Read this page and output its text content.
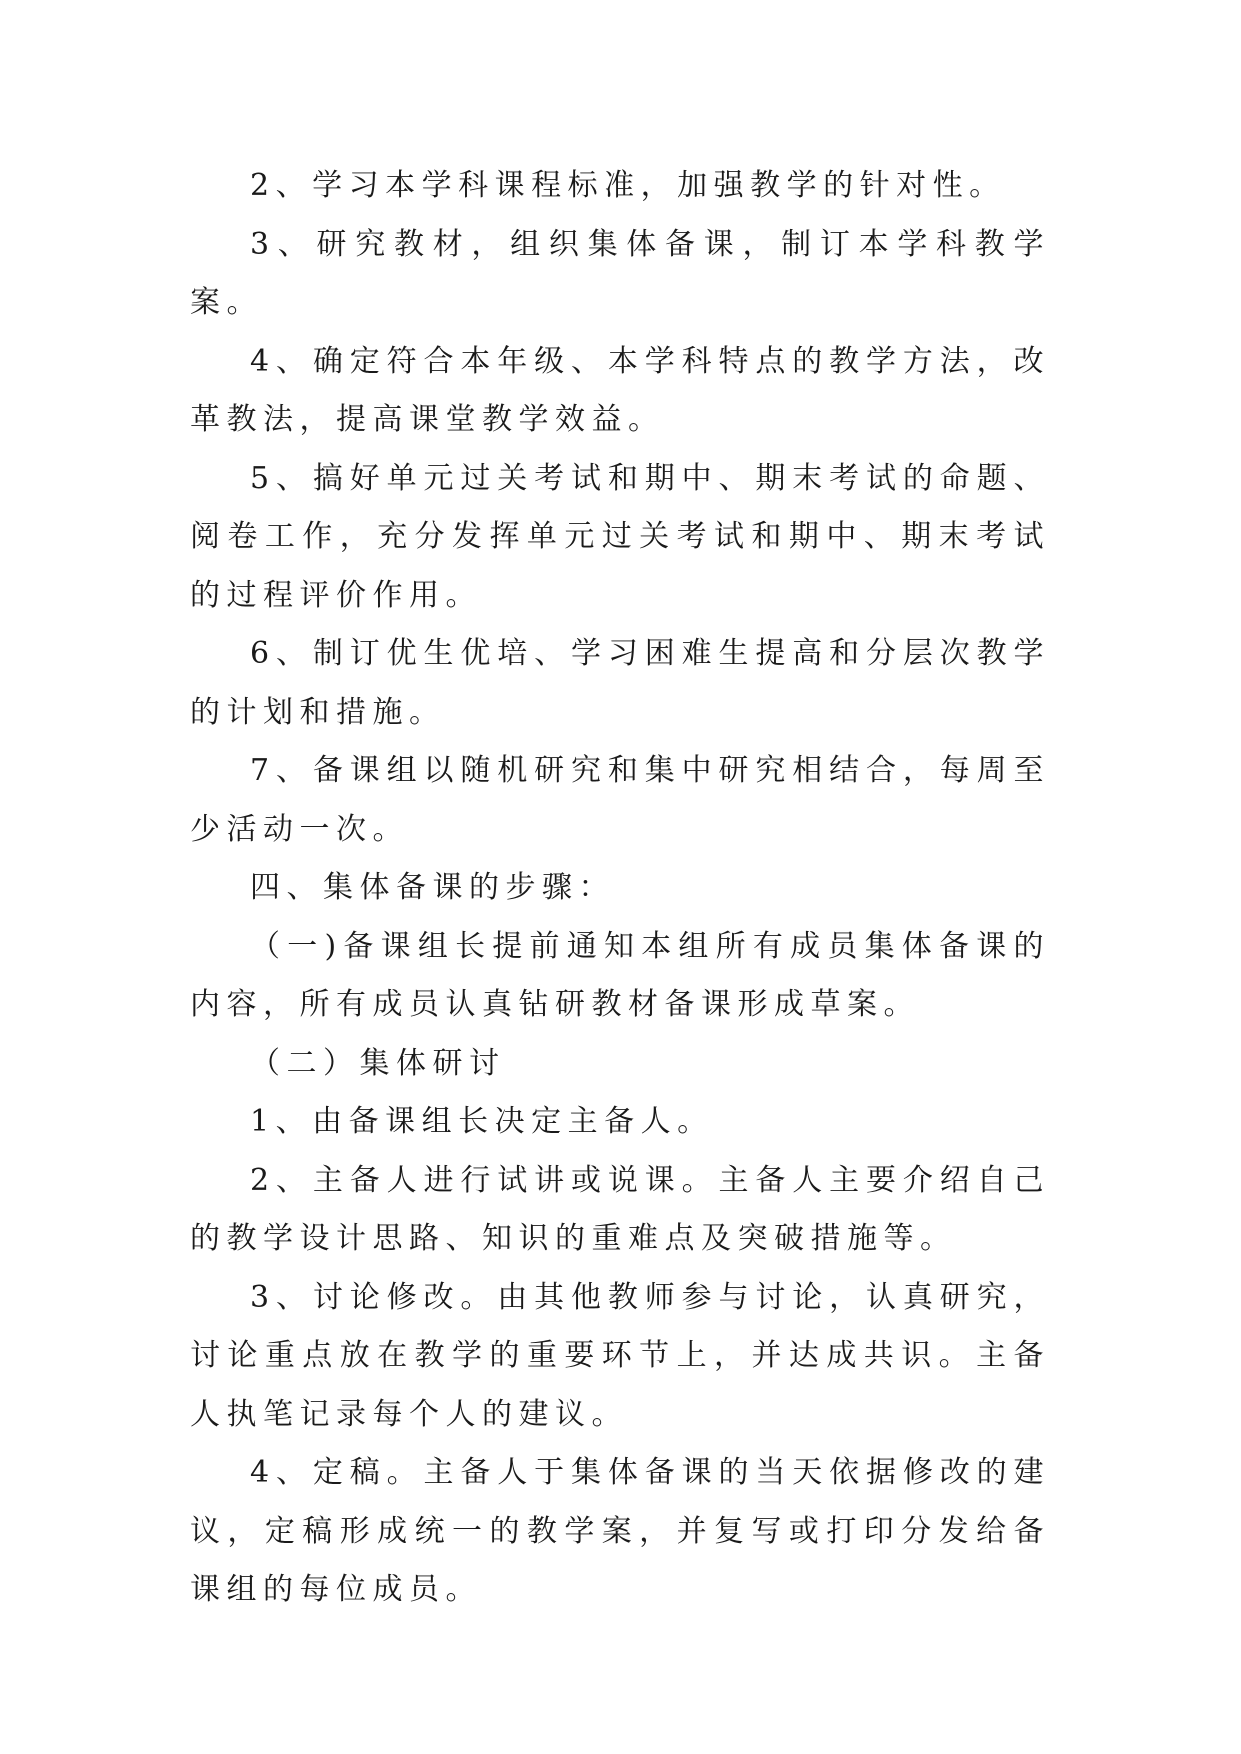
2、学习本学科课程标准，加强教学的针对性。

3、研究教材，组织集体备课，制订本学科教学案。

4、确定符合本年级、本学科特点的教学方法，改革教法，提高课堂教学效益。

5、搞好单元过关考试和期中、期末考试的命题、阅卷工作，充分发挥单元过关考试和期中、期末考试的过程评价作用。

6、制订优生优培、学习困难生提高和分层次教学的计划和措施。

7、备课组以随机研究和集中研究相结合，每周至少活动一次。

四、集体备课的步骤：

（一)备课组长提前通知本组所有成员集体备课的内容，所有成员认真钻研教材备课形成草案。

（二）集体研讨

1、由备课组长决定主备人。

2、主备人进行试讲或说课。主备人主要介绍自己的教学设计思路、知识的重难点及突破措施等。

3、讨论修改。由其他教师参与讨论，认真研究，讨论重点放在教学的重要环节上，并达成共识。主备人执笔记录每个人的建议。

4、定稿。主备人于集体备课的当天依据修改的建议，定稿形成统一的教学案，并复写或打印分发给备课组的每位成员。
